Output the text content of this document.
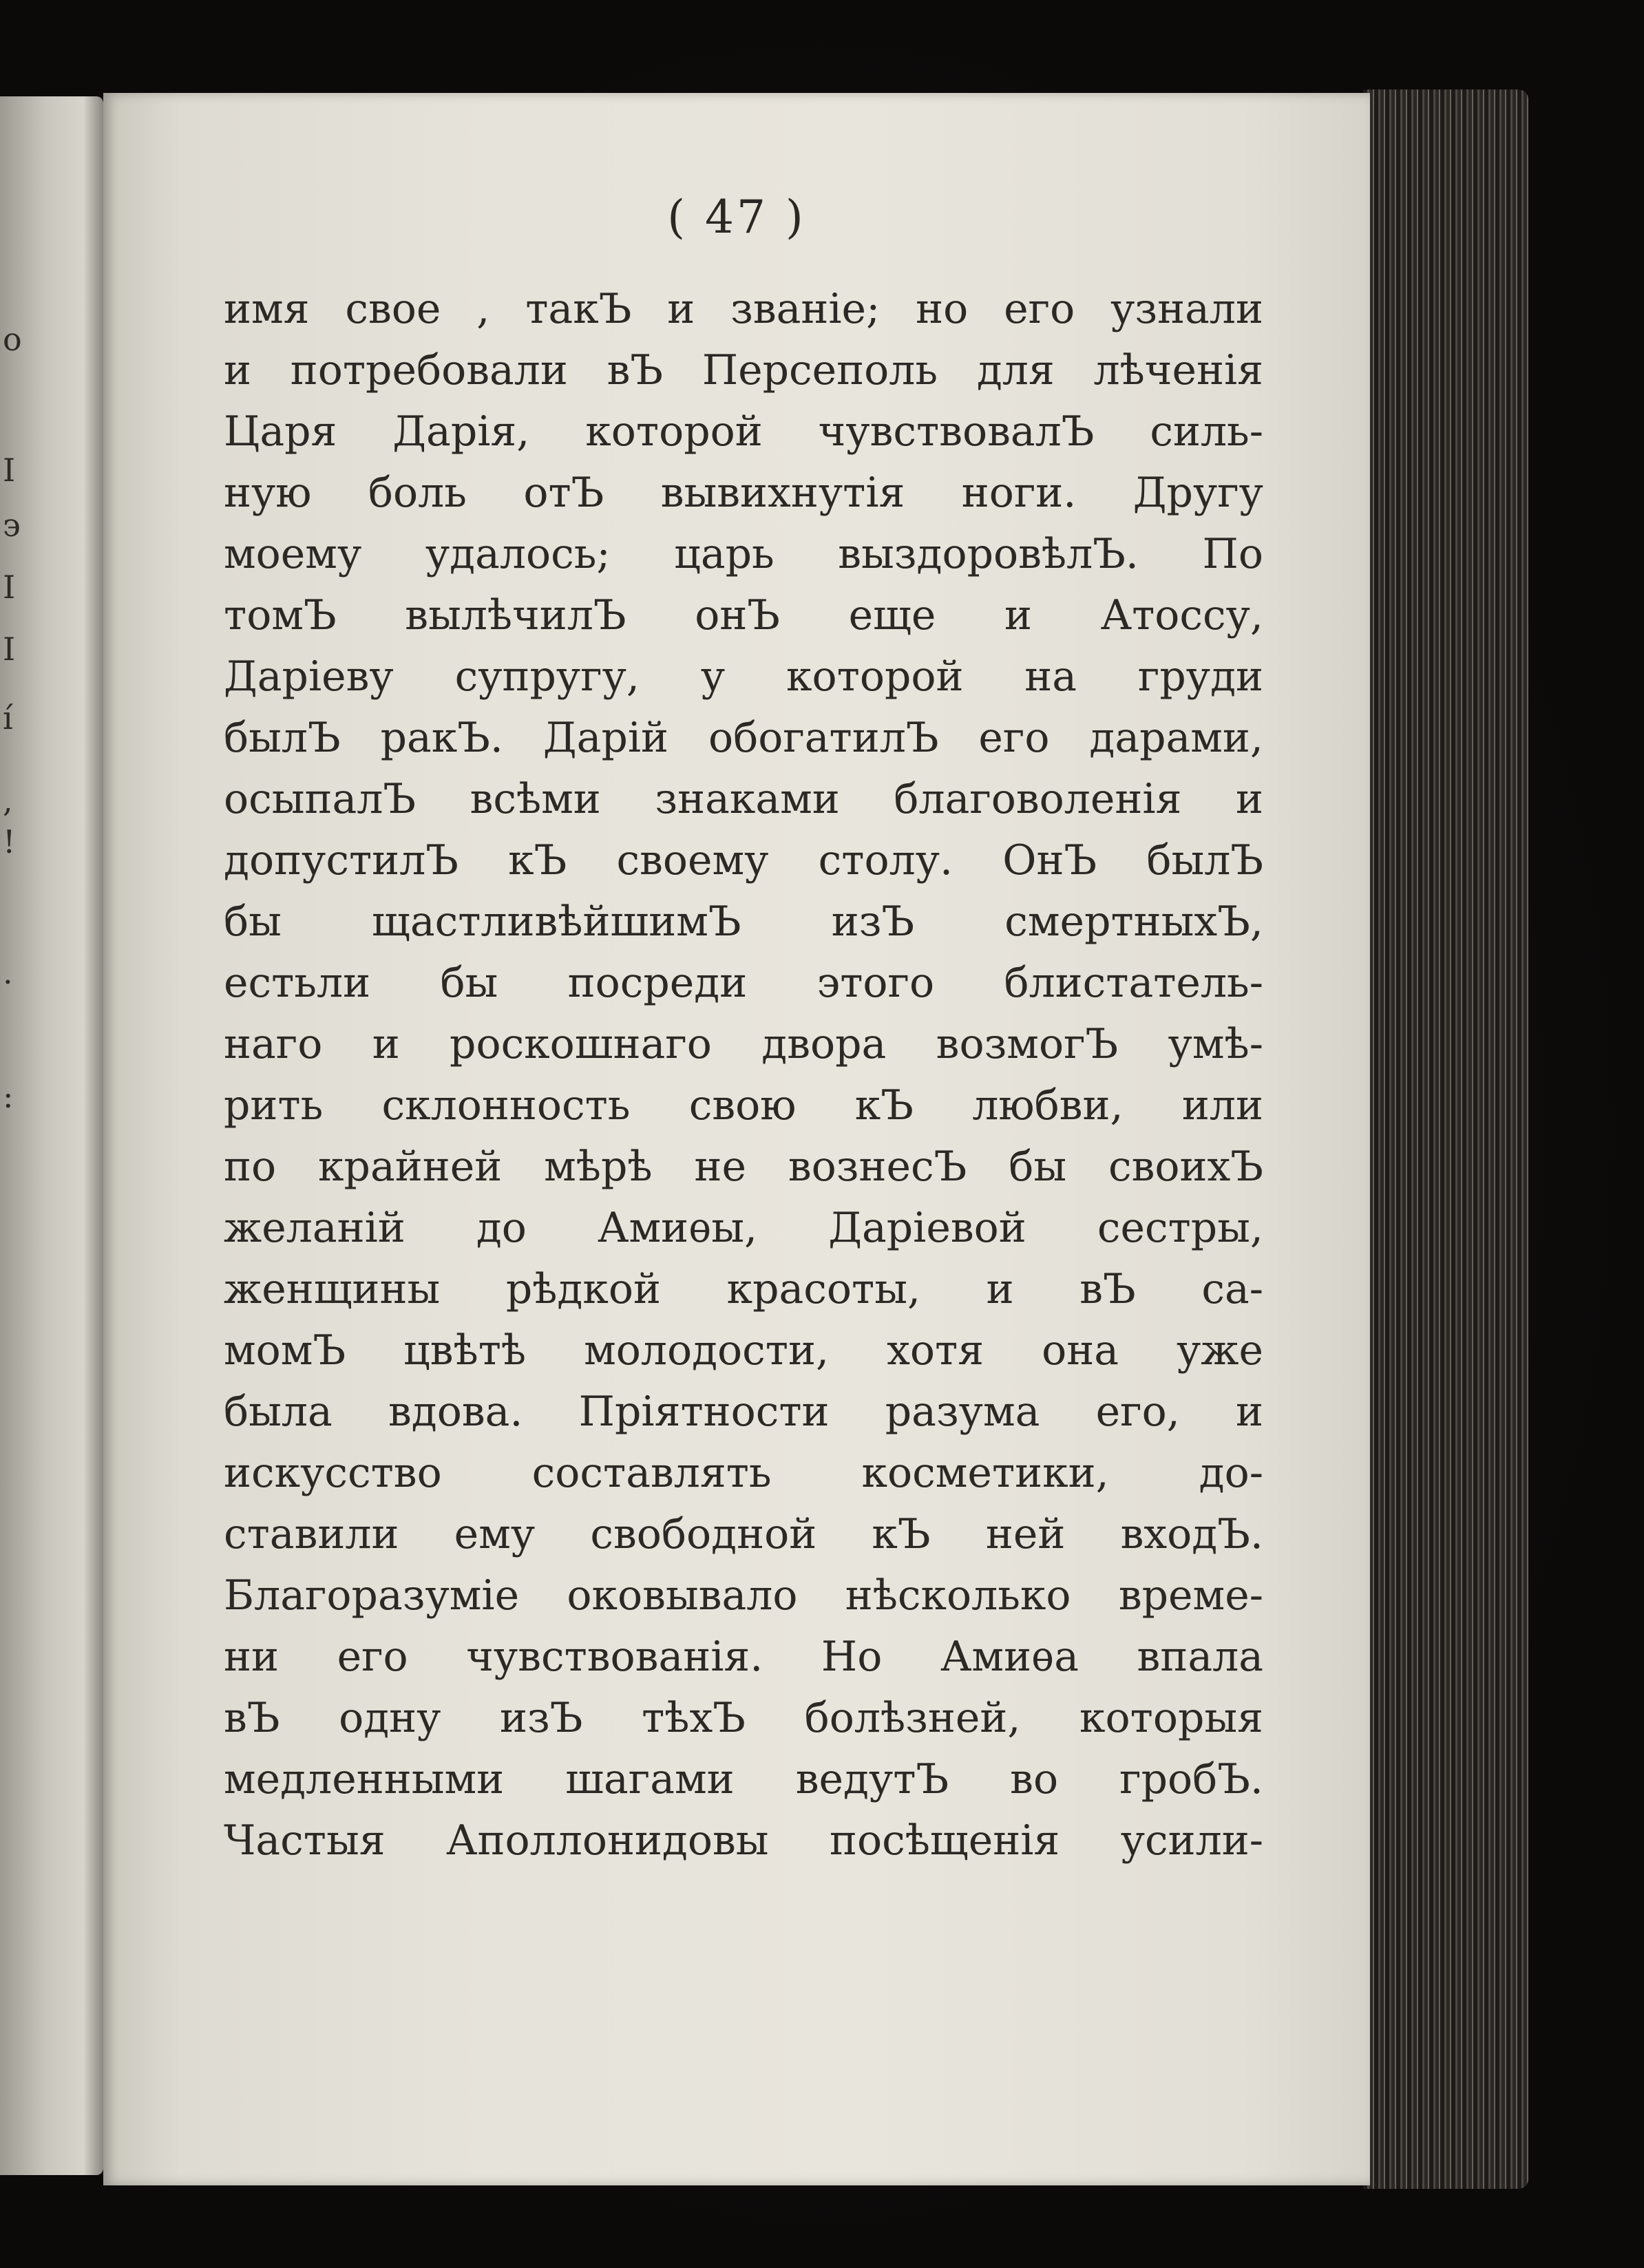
о
I
э
I
I
í
,
!
.
:
( 47 )
имя свое , такЪ и званіе; но его узнали
и потребовали вЪ Персеполь для лѣченія
Царя Дарія, которой чувствовалЪ силь-
ную боль отЪ вывихнутія ноги. Другу
моему удалось; царь выздоровѣлЪ. По
томЪ вылѣчилЪ онЪ еще и Атоссу,
Даріеву супругу, у которой на груди
былЪ ракЪ. Дарій обогатилЪ его дарами,
осыпалЪ всѣми знаками благоволенія и
допустилЪ кЪ своему столу. ОнЪ былЪ
бы щастливѣйшимЪ изЪ смертныхЪ,
естьли бы посреди этого блистатель-
наго и роскошнаго двора возмогЪ умѣ-
рить склонность свою кЪ любви, или
по крайней мѣрѣ не вознесЪ бы своихЪ
желаній до Амиѳы, Даріевой сестры,
женщины рѣдкой красоты, и вЪ са-
момЪ цвѣтѣ молодости, хотя она уже
была вдова. Пріятности разума его, и
искусство составлять косметики, до-
ставили ему свободной кЪ ней входЪ.
Благоразуміе оковывало нѣсколько време-
ни его чувствованія. Но Амиѳа впала
вЪ одну изЪ тѣхЪ болѣзней, которыя
медленными шагами ведутЪ во гробЪ.
Частыя Аполлонидовы посѣщенія усили-
